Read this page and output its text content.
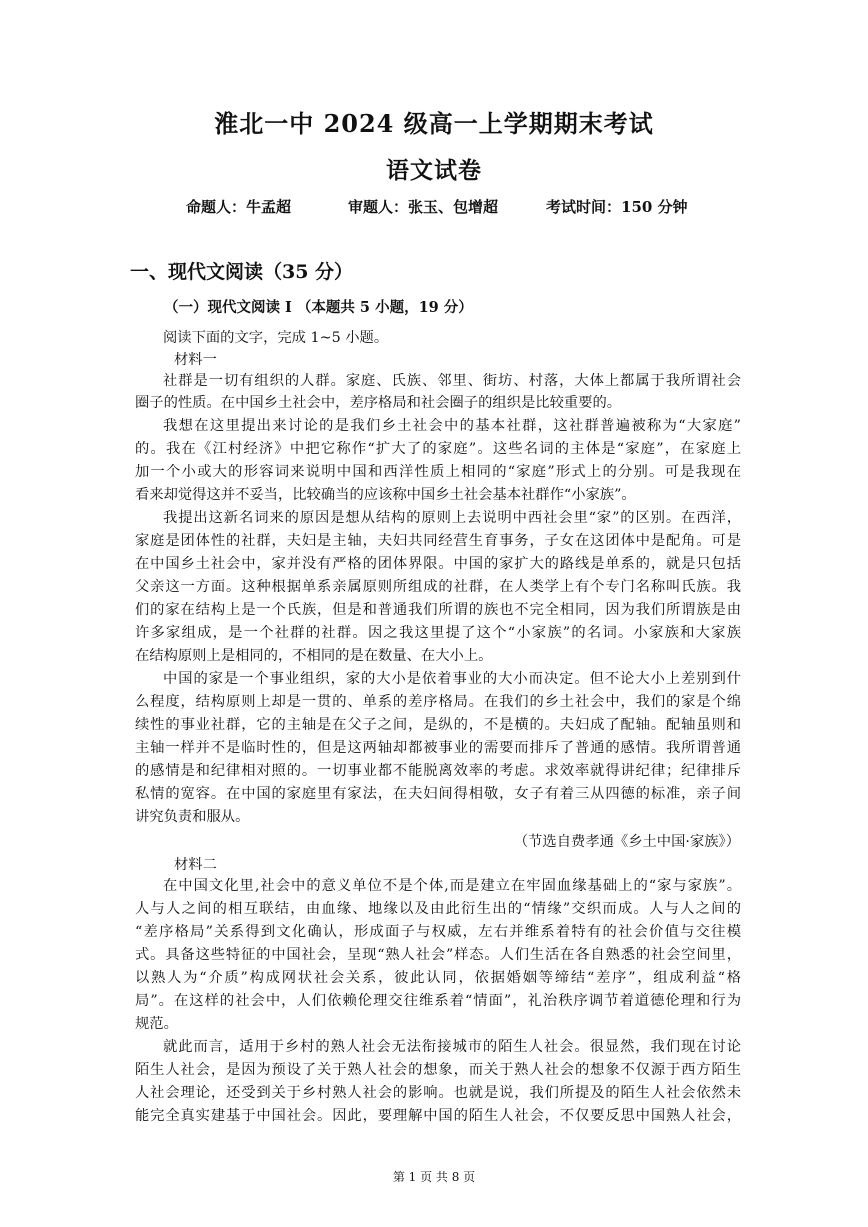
淮北一中 2024 级高一上学期期末考试
语文试卷
命题人：牛孟超	审题人：张玉、包增超	考试时间：150 分钟
一、现代文阅读（35 分）
（一）现代文阅读 I （本题共 5 小题，19 分）
阅读下面的文字，完成 1~5 小题。
材料一
社群是一切有组织的人群。家庭、氏族、邻里、街坊、村落，大体上都属于我所谓社会
圈子的性质。在中国乡土社会中，差序格局和社会圈子的组织是比较重要的。
我想在这里提出来讨论的是我们乡土社会中的基本社群，这社群普遍被称为“大家庭”
的。我在《江村经济》中把它称作“扩大了的家庭”。这些名词的主体是“家庭”，在家庭上
加一个小或大的形容词来说明中国和西洋性质上相同的“家庭”形式上的分别。可是我现在
看来却觉得这并不妥当，比较确当的应该称中国乡土社会基本社群作“小家族”。
我提出这新名词来的原因是想从结构的原则上去说明中西社会里“家”的区别。在西洋，
家庭是团体性的社群，夫妇是主轴，夫妇共同经营生育事务，子女在这团体中是配角。可是
在中国乡土社会中，家并没有严格的团体界限。中国的家扩大的路线是单系的，就是只包括
父亲这一方面。这种根据单系亲属原则所组成的社群，在人类学上有个专门名称叫氏族。我
们的家在结构上是一个氏族，但是和普通我们所谓的族也不完全相同，因为我们所谓族是由
许多家组成，是一个社群的社群。因之我这里提了这个“小家族”的名词。小家族和大家族
在结构原则上是相同的，不相同的是在数量、在大小上。
中国的家是一个事业组织，家的大小是依着事业的大小而决定。但不论大小上差别到什
么程度，结构原则上却是一贯的、单系的差序格局。在我们的乡土社会中，我们的家是个绵
续性的事业社群，它的主轴是在父子之间，是纵的，不是横的。夫妇成了配轴。配轴虽则和
主轴一样并不是临时性的，但是这两轴却都被事业的需要而排斥了普通的感情。我所谓普通
的感情是和纪律相对照的。一切事业都不能脱离效率的考虑。求效率就得讲纪律；纪律排斥
私情的宽容。在中国的家庭里有家法，在夫妇间得相敬，女子有着三从四德的标准，亲子间
讲究负责和服从。
（节选自费孝通《乡土中国·家族》）
材料二
在中国文化里,社会中的意义单位不是个体,而是建立在牢固血缘基础上的“家与家族”。
人与人之间的相互联结，由血缘、地缘以及由此衍生出的“情缘”交织而成。人与人之间的
“差序格局”关系得到文化确认，形成面子与权威，左右并维系着特有的社会价值与交往模
式。具备这些特征的中国社会，呈现“熟人社会”样态。人们生活在各自熟悉的社会空间里，
以熟人为“介质”构成网状社会关系，彼此认同，依据婚姻等缔结“差序”，组成利益“格
局”。在这样的社会中，人们依赖伦理交往维系着“情面”，礼治秩序调节着道德伦理和行为
规范。
就此而言，适用于乡村的熟人社会无法衔接城市的陌生人社会。很显然，我们现在讨论
陌生人社会，是因为预设了关于熟人社会的想象，而关于熟人社会的想象不仅源于西方陌生
人社会理论，还受到关于乡村熟人社会的影响。也就是说，我们所提及的陌生人社会依然未
能完全真实建基于中国社会。因此，要理解中国的陌生人社会，不仅要反思中国熟人社会，
第 1 页 共 8 页
